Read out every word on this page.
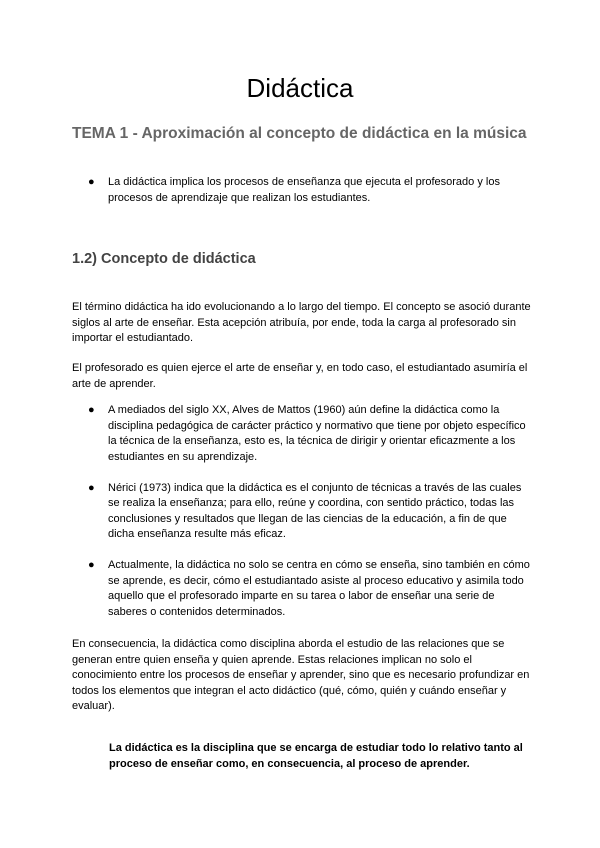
Didáctica
TEMA 1 - Aproximación al concepto de didáctica en la música
●	La didáctica implica los procesos de enseñanza que ejecuta el profesorado y los procesos de aprendizaje que realizan los estudiantes.
1.2) Concepto de didáctica

El término didáctica ha ido evolucionando a lo largo del tiempo. El concepto se asoció durante siglos al arte de enseñar. Esta acepción atribuía, por ende, toda la carga al profesorado sin importar el estudiantado.

El profesorado es quien ejerce el arte de enseñar y, en todo caso, el estudiantado asumiría el arte de aprender.

●	A mediados del siglo XX, Alves de Mattos (1960) aún define la didáctica como la disciplina pedagógica de carácter práctico y normativo que tiene por objeto específico la técnica de la enseñanza, esto es, la técnica de dirigir y orientar eficazmente a los estudiantes en su aprendizaje.
●	Nérici (1973) indica que la didáctica es el conjunto de técnicas a través de las cuales se realiza la enseñanza; para ello, reúne y coordina, con sentido práctico, todas las conclusiones y resultados que llegan de las ciencias de la educación, a fin de que dicha enseñanza resulte más eficaz.
●	Actualmente, la didáctica no solo se centra en cómo se enseña, sino también en cómo se aprende, es decir, cómo el estudiantado asiste al proceso educativo y asimila todo aquello que el profesorado imparte en su tarea o labor de enseñar una serie de saberes o contenidos determinados.

En consecuencia, la didáctica como disciplina aborda el estudio de las relaciones que se generan entre quien enseña y quien aprende. Estas relaciones implican no solo el conocimiento entre los procesos de enseñar y aprender, sino que es necesario profundizar en todos los elementos que integran el acto didáctico (qué, cómo, quién y cuándo enseñar y evaluar).

La didáctica es la disciplina que se encarga de estudiar todo lo relativo tanto al proceso de enseñar como, en consecuencia, al proceso de aprender.
